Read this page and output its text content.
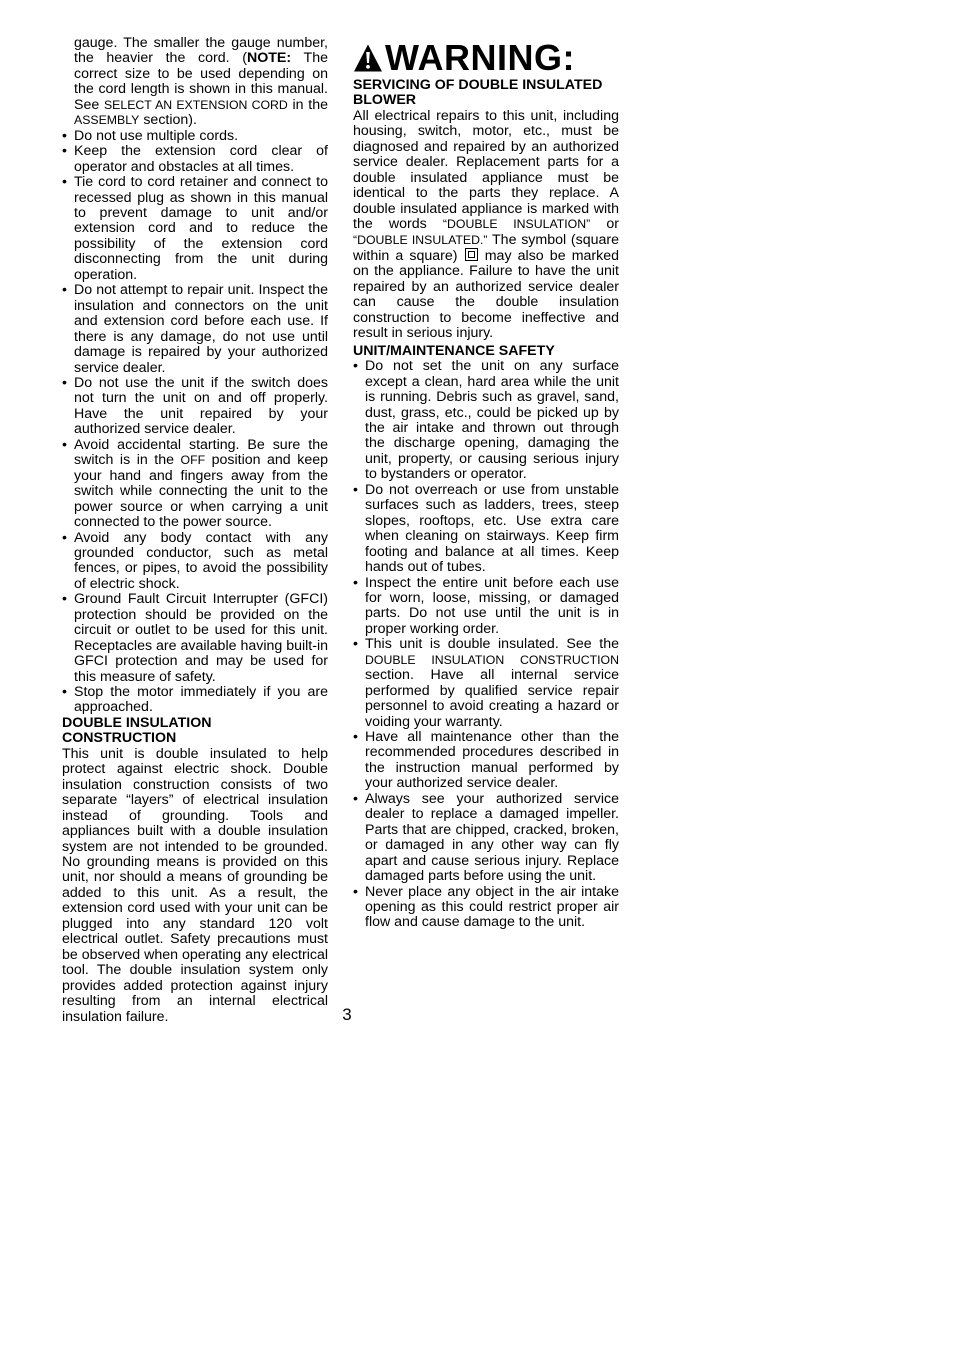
gauge. The smaller the gauge number, the heavier the cord. (NOTE: The correct size to be used depending on the cord length is shown in this manual. See SELECT AN EXTENSION CORD in the ASSEMBLY section).
• Do not use multiple cords.
• Keep the extension cord clear of operator and obstacles at all times.
• Tie cord to cord retainer and connect to recessed plug as shown in this manual to prevent damage to unit and/or extension cord and to reduce the possibility of the extension cord disconnecting from the unit during operation.
• Do not attempt to repair unit. Inspect the insulation and connectors on the unit and extension cord before each use. If there is any damage, do not use until damage is repaired by your authorized service dealer.
• Do not use the unit if the switch does not turn the unit on and off properly. Have the unit repaired by your authorized service dealer.
• Avoid accidental starting. Be sure the switch is in the OFF position and keep your hand and fingers away from the switch while connecting the unit to the power source or when carrying a unit connected to the power source.
• Avoid any body contact with any grounded conductor, such as metal fences, or pipes, to avoid the possibility of electric shock.
• Ground Fault Circuit Interrupter (GFCI) protection should be provided on the circuit or outlet to be used for this unit. Receptacles are available having built-in GFCI protection and may be used for this measure of safety.
• Stop the motor immediately if you are approached.
DOUBLE INSULATION CONSTRUCTION
This unit is double insulated to help protect against electric shock. Double insulation construction consists of two separate “layers” of electrical insulation instead of grounding. Tools and appliances built with a double insulation system are not intended to be grounded. No grounding means is provided on this unit, nor should a means of grounding be added to this unit. As a result, the extension cord used with your unit can be plugged into any standard 120 volt electrical outlet. Safety precautions must be observed when operating any electrical tool. The double insulation system only provides added protection against injury resulting from an internal electrical insulation failure.
WARNING:
SERVICING OF DOUBLE INSULATED BLOWER
All electrical repairs to this unit, including housing, switch, motor, etc., must be diagnosed and repaired by an authorized service dealer. Replacement parts for a double insulated appliance must be identical to the parts they replace. A double insulated appliance is marked with the words “DOUBLE INSULATION” or “DOUBLE INSULATED.” The symbol (square within a square)  may also be marked on the appliance. Failure to have the unit repaired by an authorized service dealer can cause the double insulation construction to become ineffective and result in serious injury.
UNIT/MAINTENANCE SAFETY
• Do not set the unit on any surface except a clean, hard area while the unit is running. Debris such as gravel, sand, dust, grass, etc., could be picked up by the air intake and thrown out through the discharge opening, damaging the unit, property, or causing serious injury to bystanders or operator.
• Do not overreach or use from unstable surfaces such as ladders, trees, steep slopes, rooftops, etc. Use extra care when cleaning on stairways. Keep firm footing and balance at all times. Keep hands out of tubes.
• Inspect the entire unit before each use for worn, loose, missing, or damaged parts. Do not use until the unit is in proper working order.
• This unit is double insulated. See the DOUBLE INSULATION CONSTRUCTION section. Have all internal service performed by qualified service repair personnel to avoid creating a hazard or voiding your warranty.
• Have all maintenance other than the recommended procedures described in the instruction manual performed by your authorized service dealer.
• Always see your authorized service dealer to replace a damaged impeller. Parts that are chipped, cracked, broken, or damaged in any other way can fly apart and cause serious injury. Replace damaged parts before using the unit.
• Never place any object in the air intake opening as this could restrict proper air flow and cause damage to the unit.
3
